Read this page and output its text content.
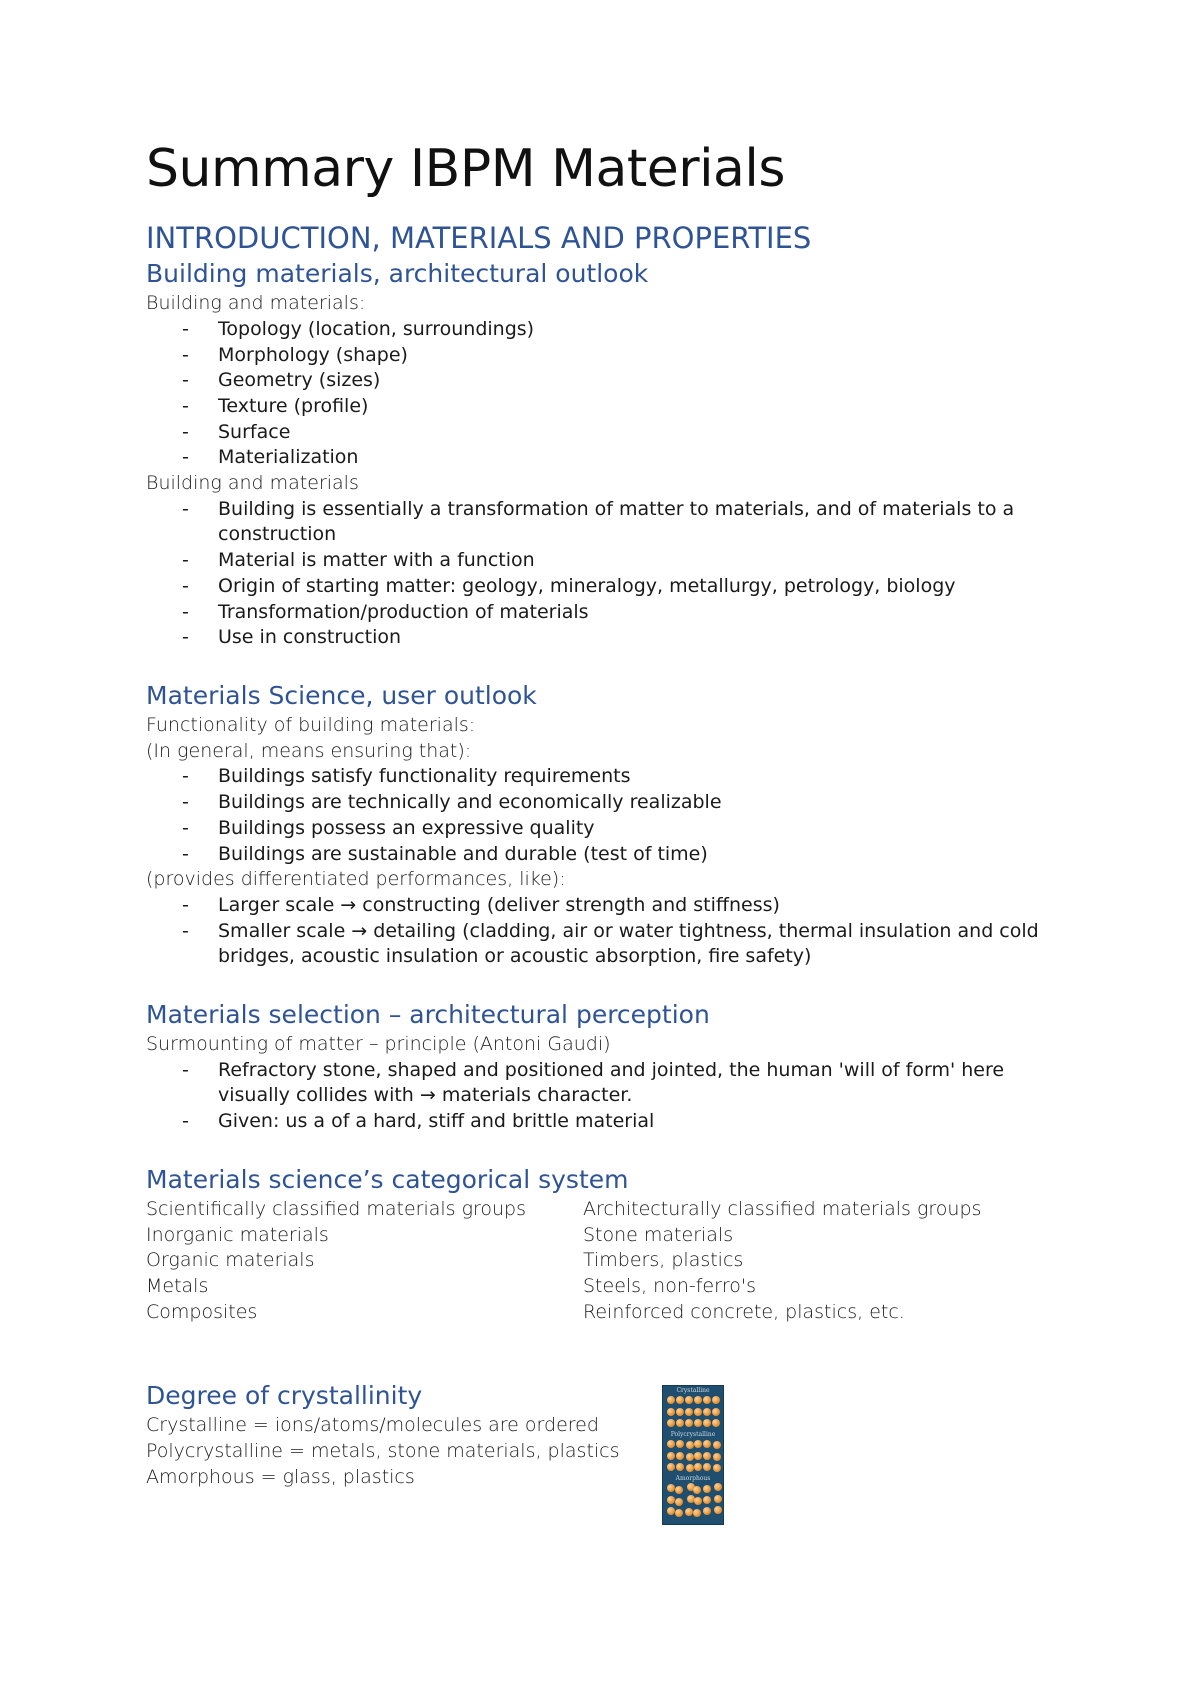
Summary IBPM Materials
INTRODUCTION, MATERIALS AND PROPERTIES
Building materials, architectural outlook

Building and materials:

- Topology (location, surroundings)
- Morphology (shape)
- Geometry (sizes)
- Texture (profile)
- Surface
- Materialization

Building and materials

- Building is essentially a transformation of matter to materials, and of materials to a construction
- Material is matter with a function
- Origin of starting matter: geology, mineralogy, metallurgy, petrology, biology
- Transformation/production of materials
- Use in construction
Materials Science, user outlook

Functionality of building materials:

(In general, means ensuring that):

- Buildings satisfy functionality requirements
- Buildings are technically and economically realizable
- Buildings possess an expressive quality
- Buildings are sustainable and durable (test of time)

(provides differentiated performances, like):

- Larger scale → constructing (deliver strength and stiffness)
- Smaller scale → detailing (cladding, air or water tightness, thermal insulation and cold bridges, acoustic insulation or acoustic absorption, fire safety)
Materials selection – architectural perception

Surmounting of matter – principle (Antoni Gaudi)

- Refractory stone, shaped and positioned and jointed, the human 'will of form' here visually collides with → materials character.
- Given: us a of a hard, stiff and brittle material
Materials science’s categorical system
Scientifically classified materials groups	Architecturally classified materials groups
Inorganic materials	Stone materials
Organic materials	Timbers, plastics
Metals	Steels, non-ferro's
Composites	Reinforced concrete, plastics, etc.
Degree of crystallinity

Crystalline = ions/atoms/molecules are ordered

Polycrystalline = metals, stone materials, plastics

Amorphous = glass, plastics

Crystalline
Polycrystalline
Amorphous
